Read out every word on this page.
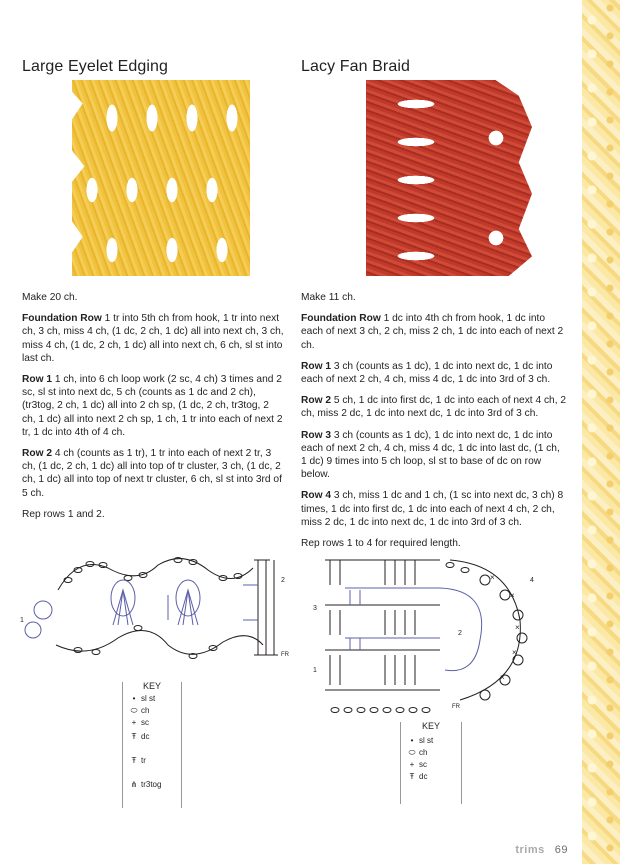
Large Eyelet Edging

Make 20 ch.

Foundation Row 1 tr into 5th ch from hook, 1 tr into next ch, 3 ch, miss 4 ch, (1 dc, 2 ch, 1 dc) all into next ch, 3 ch, miss 4 ch, (1 dc, 2 ch, 1 dc) all into next ch, 6 ch, sl st into last ch.

Row 1 1 ch, into 6 ch loop work (2 sc, 4 ch) 3 times and 2 sc, sl st into next dc, 5 ch (counts as 1 dc and 2 ch), (tr3tog, 2 ch, 1 dc) all into 2 ch sp, (1 dc, 2 ch, tr3tog, 2 ch, 1 dc) all into next 2 ch sp, 1 ch, 1 tr into each of next 2 tr, 1 dc into 4th of 4 ch.

Row 2 4 ch (counts as 1 tr), 1 tr into each of next 2 tr, 3 ch, (1 dc, 2 ch, 1 dc) all into top of tr cluster, 3 ch, (1 dc, 2 ch, 1 dc) all into top of next tr cluster, 6 ch, sl st into 3rd of 5 ch.

Rep rows 1 and 2.

Lacy Fan Braid

Make 11 ch.

Foundation Row 1 dc into 4th ch from hook, 1 dc into each of next 3 ch, 2 ch, miss 2 ch, 1 dc into each of next 2 ch.

Row 1 3 ch (counts as 1 dc), 1 dc into next dc, 1 dc into each of next 2 ch, 4 ch, miss 4 dc, 1 dc into 3rd of 3 ch.

Row 2 5 ch, 1 dc into first dc, 1 dc into each of next 4 ch, 2 ch, miss 2 dc, 1 dc into next dc, 1 dc into 3rd of 3 ch.

Row 3 3 ch (counts as 1 dc), 1 dc into next dc, 1 dc into each of next 2 ch, 4 ch, miss 4 dc, 1 dc into last dc, (1 ch, 1 dc) 9 times into 5 ch loop, sl st to base of dc on row below.

Row 4 3 ch, miss 1 dc and 1 ch, (1 sc into next dc, 3 ch) 8 times, 1 dc into first dc, 1 dc into each of next 4 ch, 2 ch, miss 2 dc, 1 dc into next dc, 1 dc into 3rd of 3 ch.

Rep rows 1 to 4 for required length.

2
1
FR
KEY
• sl st
⬭ ch
+ sc
Ŧ dc
Ŧ tr
⋔ tr3tog
×
×
×
×
×
4
3
2
1
FR
KEY
• sl st
⬭ ch
+ sc
Ŧ dc
trims 69
